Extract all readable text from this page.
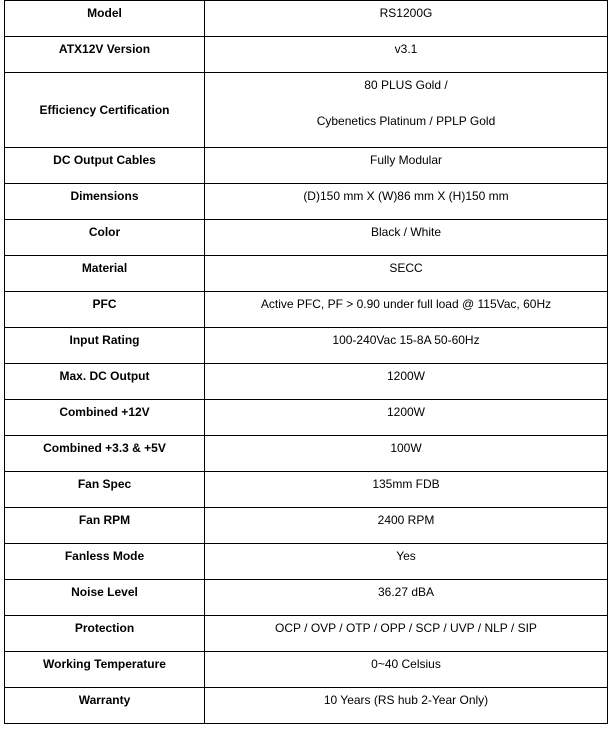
Model	RS1200G
ATX12V Version	v3.1
Efficiency Certification	80 PLUS Gold /
Cybenetics Platinum / PPLP Gold

DC Output Cables	Fully Modular
Dimensions	(D)150 mm X (W)86 mm X (H)150 mm
Color	Black / White
Material	SECC
PFC	Active PFC, PF > 0.90 under full load @ 115Vac, 60Hz
Input Rating	100-240Vac 15-8A 50-60Hz
Max. DC Output	1200W
Combined +12V	1200W
Combined +3.3 & +5V	100W
Fan Spec	135mm FDB
Fan RPM	2400 RPM
Fanless Mode	Yes
Noise Level	36.27 dBA
Protection	OCP / OVP / OTP / OPP / SCP / UVP / NLP / SIP
Working Temperature	0~40 Celsius
Warranty	10 Years (RS hub 2-Year Only)
